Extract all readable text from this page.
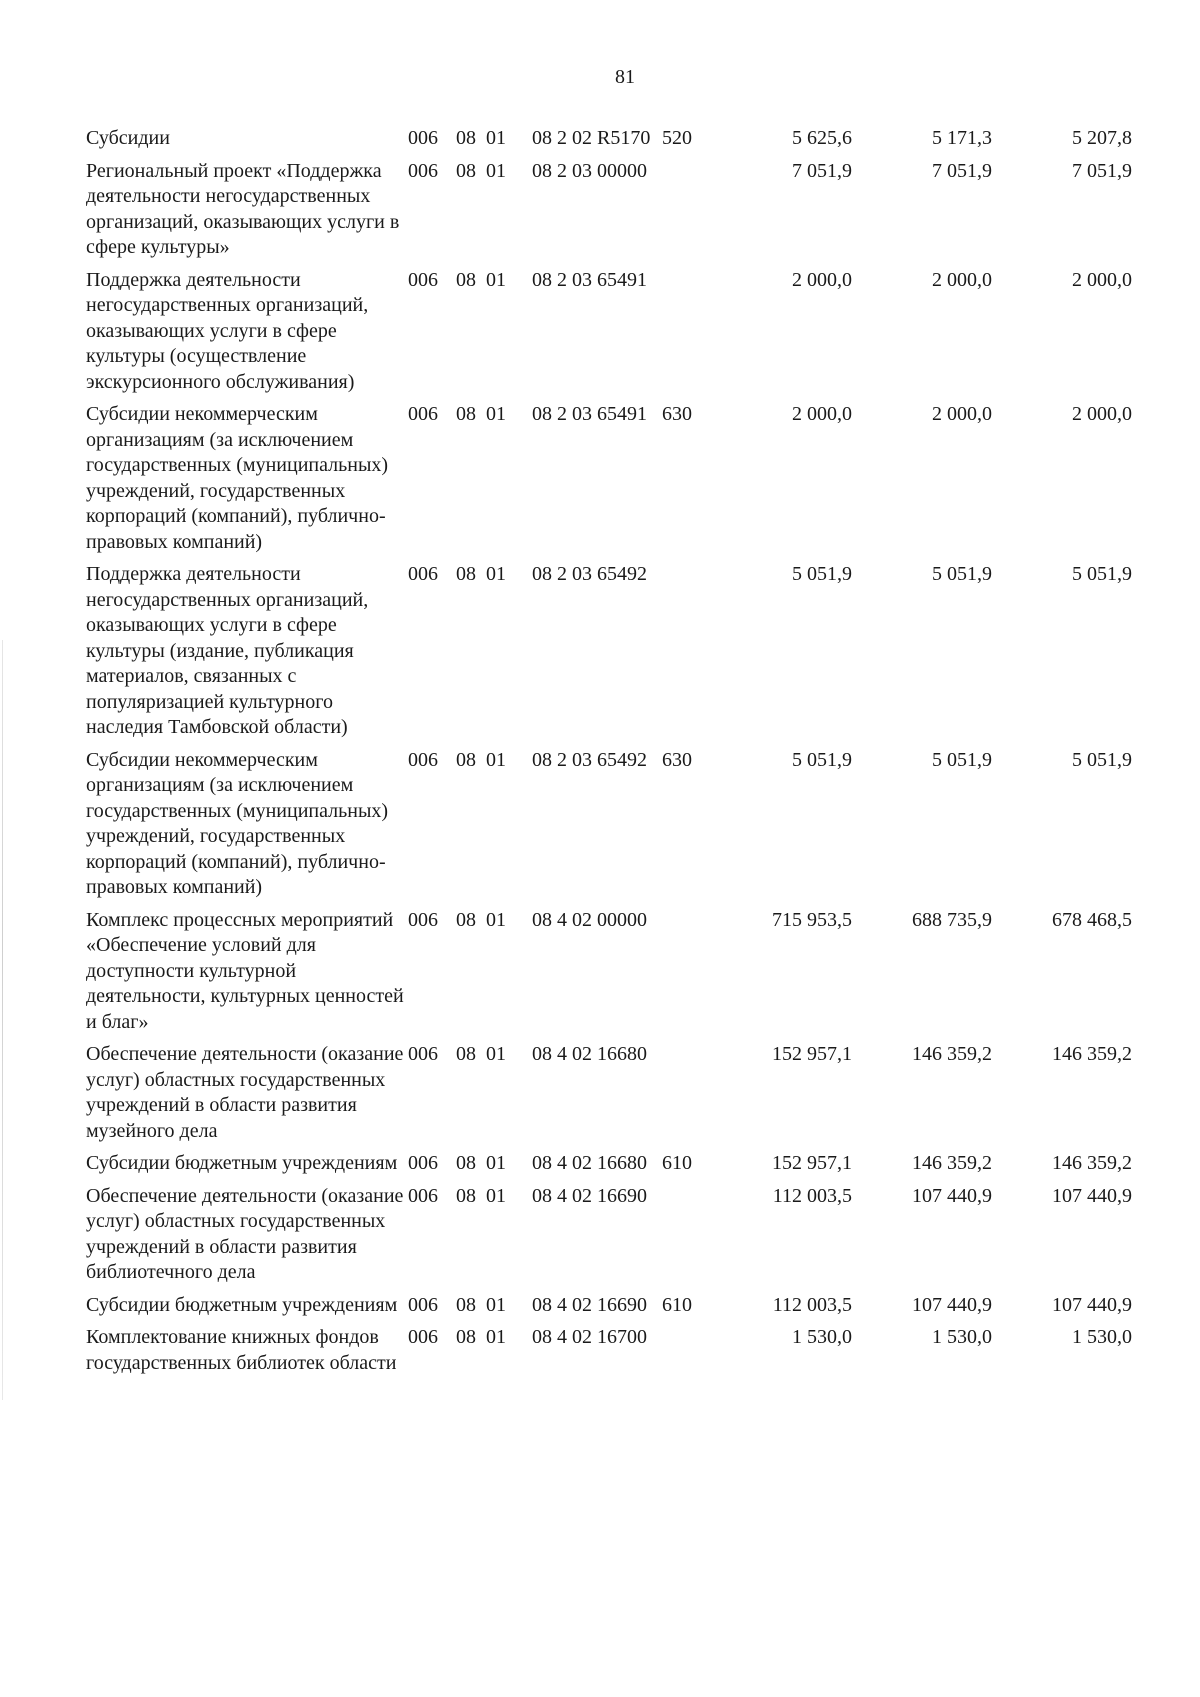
81
Субсидии	006 08 01	08 2 02 R5170 520	5 625,6	5 171,3	5 207,8
Региональный проект «Поддержка деятельности негосударственных организаций, оказывающих услуги в сфере культуры»
006 08 01	08 2 03 00000	7 051,9	7 051,9	7 051,9
Поддержка деятельности негосударственных организаций, оказывающих услуги в сфере культуры (осуществление экскурсионного обслуживания)
006 08 01	08 2 03 65491	2 000,0	2 000,0	2 000,0
Субсидии некоммерческим организациям (за исключением государственных (муниципальных) учреждений, государственных корпораций (компаний), публично-правовых компаний)
006 08 01	08 2 03 65491 630	2 000,0	2 000,0	2 000,0
Поддержка деятельности негосударственных организаций, оказывающих услуги в сфере культуры (издание, публикация материалов, связанных с популяризацией культурного наследия Тамбовской области)
006 08 01	08 2 03 65492	5 051,9	5 051,9	5 051,9
Субсидии некоммерческим организациям (за исключением государственных (муниципальных) учреждений, государственных корпораций (компаний), публично-правовых компаний)
006 08 01	08 2 03 65492 630	5 051,9	5 051,9	5 051,9
Комплекс процессных мероприятий «Обеспечение условий для доступности культурной деятельности, культурных ценностей и благ»
006 08 01	08 4 02 00000	715 953,5	688 735,9	678 468,5
Обеспечение деятельности (оказание услуг) областных государственных учреждений в области развития музейного дела
006 08 01	08 4 02 16680	152 957,1	146 359,2	146 359,2
Субсидии бюджетным учреждениям 006 08 01	08 4 02 16680 610	152 957,1	146 359,2	146 359,2
Обеспечение деятельности (оказание услуг) областных государственных учреждений в области развития библиотечного дела
006 08 01	08 4 02 16690	112 003,5	107 440,9	107 440,9
Субсидии бюджетным учреждениям 006 08 01	08 4 02 16690 610	112 003,5	107 440,9	107 440,9
Комплектование книжных фондов государственных библиотек области
006 08 01	08 4 02 16700	1 530,0	1 530,0	1 530,0
